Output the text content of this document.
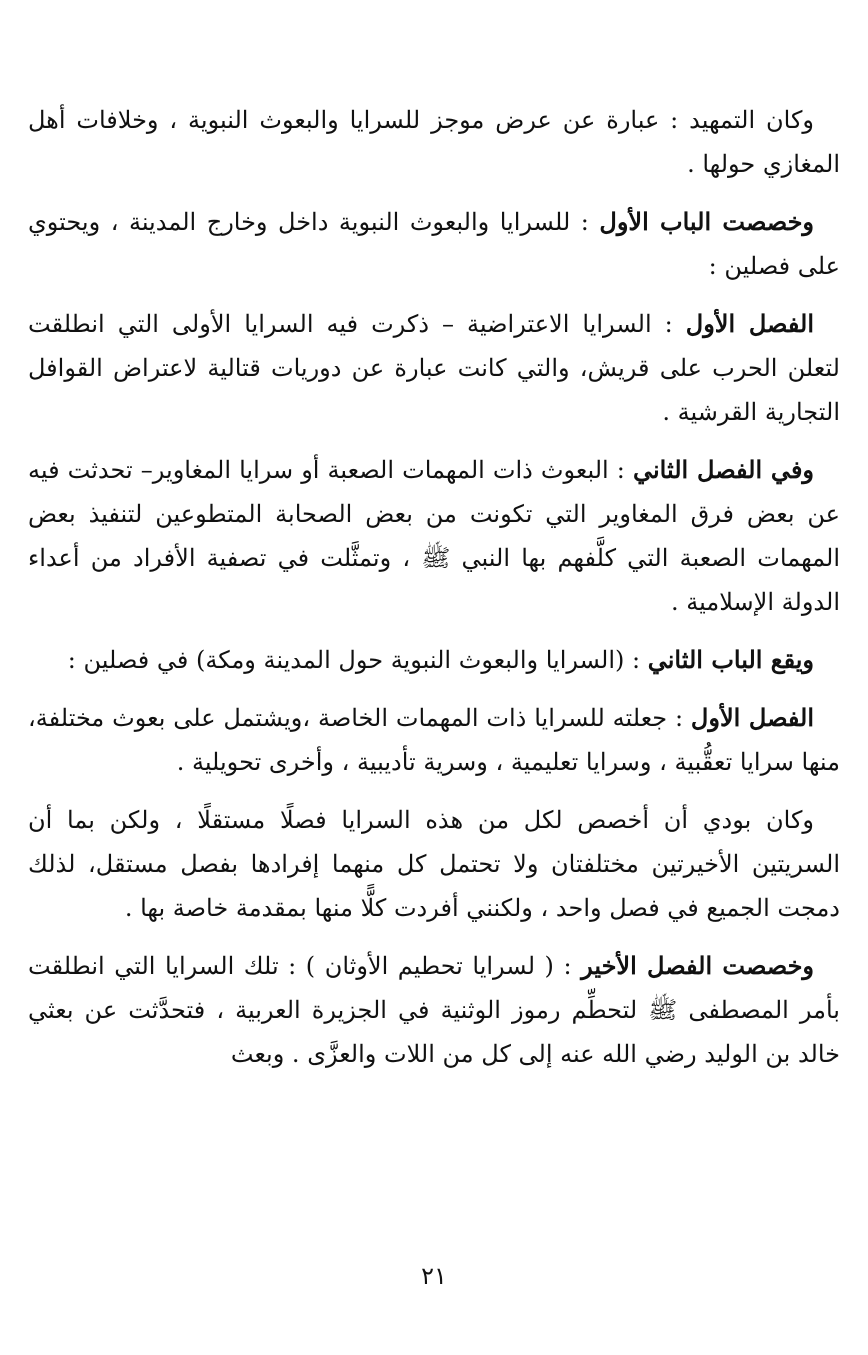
وكان التمهيد : عبارة عن عرض موجز للسرايا والبعوث النبوية ، وخلافات أهل المغازي حولها .

وخصصت الباب الأول : للسرايا والبعوث النبوية داخل وخارج المدينة ، ويحتوي على فصلين :

الفصل الأول : السرايا الاعتراضية – ذكرت فيه السرايا الأولى التي انطلقت لتعلن الحرب على قريش، والتي كانت عبارة عن دوريات قتالية لاعتراض القوافل التجارية القرشية .

وفي الفصل الثاني : البعوث ذات المهمات الصعبة أو سرايا المغاوير– تحدثت فيه عن بعض فرق المغاوير التي تكونت من بعض الصحابة المتطوعين لتنفيذ بعض المهمات الصعبة التي كلَّفهم بها النبي ﷺ ، وتمثَّلت في تصفية الأفراد من أعداء الدولة الإسلامية .

ويقع الباب الثاني : (السرايا والبعوث النبوية حول المدينة ومكة) في فصلين :

الفصل الأول : جعلته للسرايا ذات المهمات الخاصة ،ويشتمل على بعوث مختلفة، منها سرايا تعقُّبية ، وسرايا تعليمية ، وسرية تأديبية ، وأخرى تحويلية .

وكان بودي أن أخصص لكل من هذه السرايا فصلًا مستقلًا ، ولكن بما أن السريتين الأخيرتين مختلفتان ولا تحتمل كل منهما إفرادها بفصل مستقل، لذلك دمجت الجميع في فصل واحد ، ولكنني أفردت كلًّا منها بمقدمة خاصة بها .

وخصصت الفصل الأخير : ( لسرايا تحطيم الأوثان ) : تلك السرايا التي انطلقت بأمر المصطفى ﷺ لتحطِّم رموز الوثنية في الجزيرة العربية ، فتحدَّثت عن بعثي خالد بن الوليد رضي الله عنه إلى كل من اللات والعزَّى . وبعث

٢١
